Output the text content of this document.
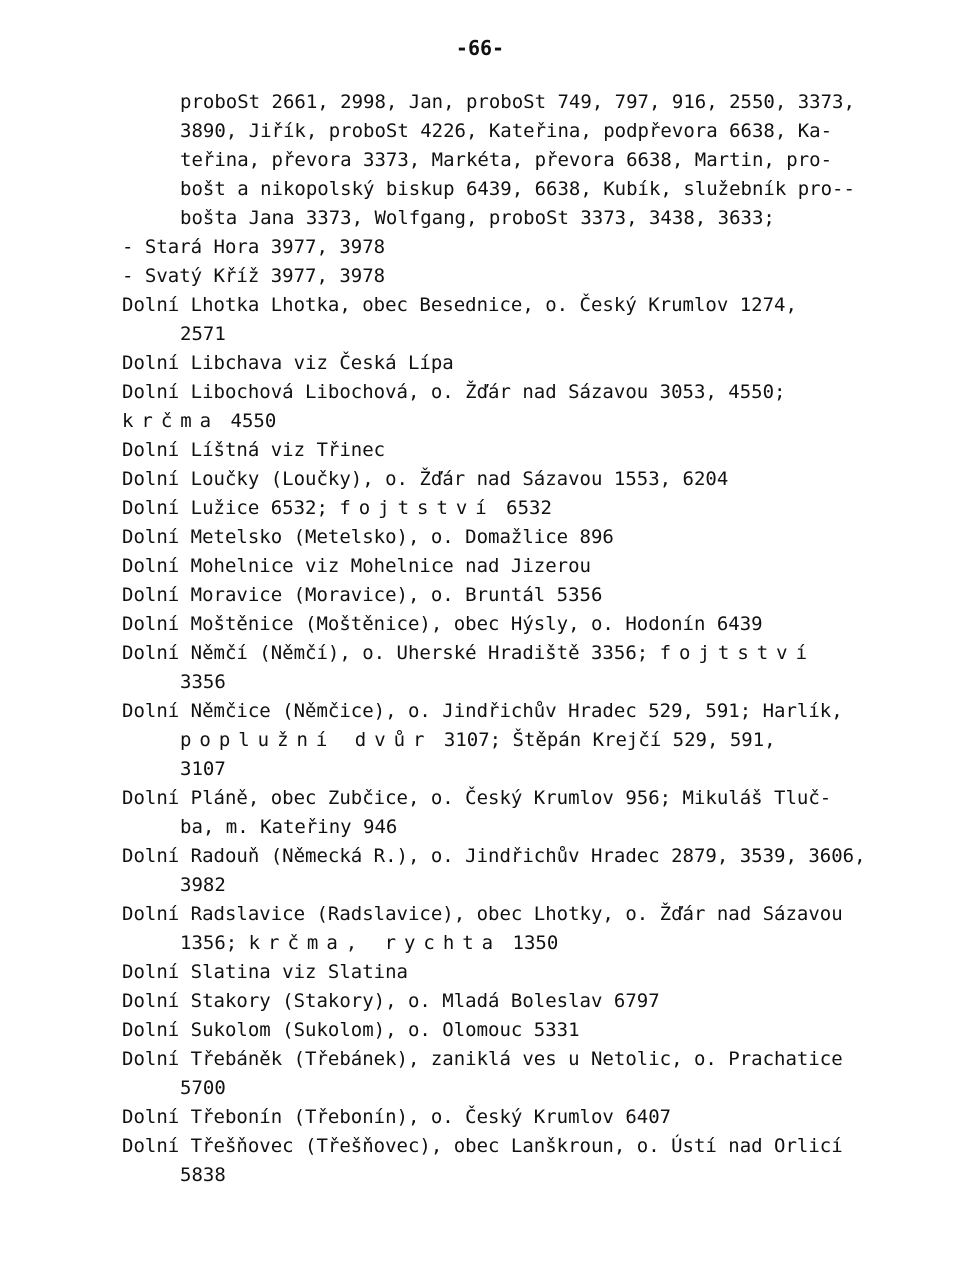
-66-
proboSt 2661, 2998, Jan, proboSt 749, 797, 916, 2550, 3373,
3890, Jiřík, proboSt 4226, Kateřina, podpřevora 6638, Ka-
teřina, převora 3373, Markéta, převora 6638, Martin, pro-
bošt a nikopolský biskup 6439, 6638, Kubík, služebník pro--
bošta Jana 3373, Wolfgang, proboSt 3373, 3438, 3633;
- Stará Hora 3977, 3978
- Svatý Kříž 3977, 3978
Dolní Lhotka Lhotka, obec Besednice, o. Český Krumlov 1274,
2571
Dolní Libchava viz Česká Lípa
Dolní Libochová Libochová, o. Žďár nad Sázavou 3053, 4550;
krčma 4550
Dolní Líštná viz Třinec
Dolní Loučky (Loučky), o. Žďár nad Sázavou 1553, 6204
Dolní Lužice 6532; fojtství 6532
Dolní Metelsko (Metelsko), o. Domažlice 896
Dolní Mohelnice viz Mohelnice nad Jizerou
Dolní Moravice (Moravice), o. Bruntál 5356
Dolní Moštěnice (Moštěnice), obec Hýsly, o. Hodonín 6439
Dolní Němčí (Němčí), o. Uherské Hradiště 3356; fojtství
3356
Dolní Němčice (Němčice), o. Jindřichův Hradec 529, 591; Harlík,
poplužní dvůr 3107; Štěpán Krejčí 529, 591,
3107
Dolní Pláně, obec Zubčice, o. Český Krumlov 956; Mikuláš Tluč-
ba, m. Kateřiny 946
Dolní Radouň (Německá R.), o. Jindřichův Hradec 2879, 3539, 3606,
3982
Dolní Radslavice (Radslavice), obec Lhotky, o. Žďár nad Sázavou
1356; krčma, rychta 1350
Dolní Slatina viz Slatina
Dolní Stakory (Stakory), o. Mladá Boleslav 6797
Dolní Sukolom (Sukolom), o. Olomouc 5331
Dolní Třebáněk (Třebánek), zaniklá ves u Netolic, o. Prachatice
5700
Dolní Třebonín (Třebonín), o. Český Krumlov 6407
Dolní Třešňovec (Třešňovec), obec Lanškroun, o. Ústí nad Orlicí
5838
